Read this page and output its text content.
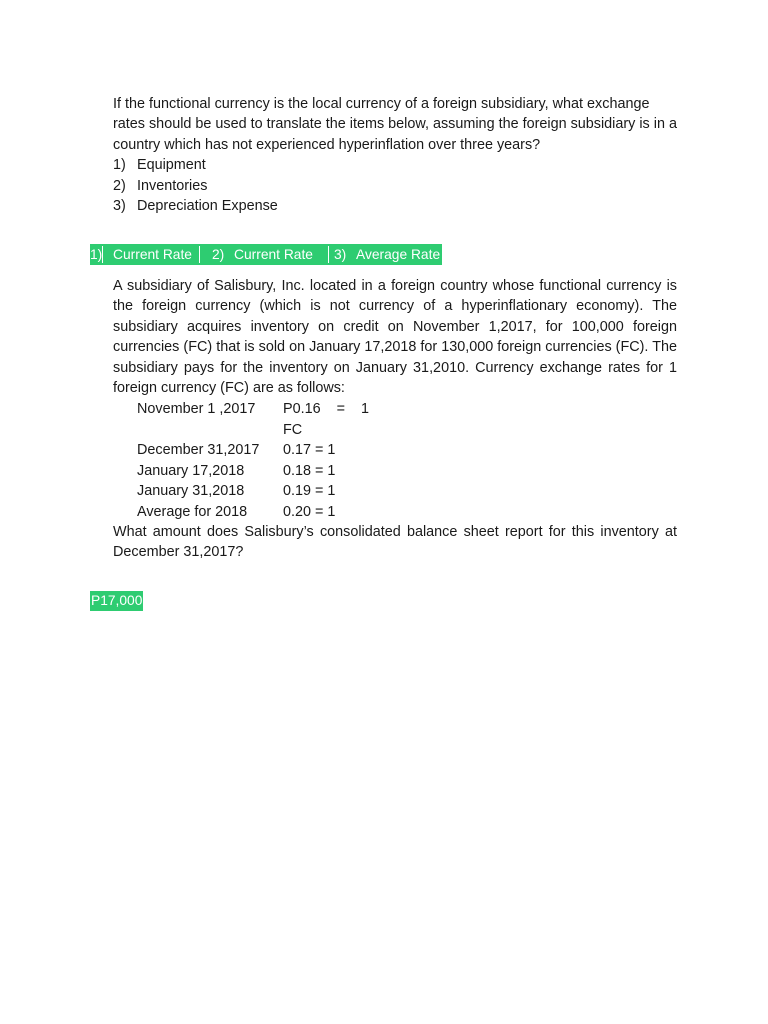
If the functional currency is the local currency of a foreign subsidiary, what exchange rates should be used to translate the items below, assuming the foreign subsidiary is in a country which has not experienced hyperinflation over three years?
1) Equipment
2) Inventories
3) Depreciation Expense
1) Current Rate	2) Current Rate	3) Average Rate
A subsidiary of Salisbury, Inc. located in a foreign country whose functional currency is the foreign currency (which is not currency of a hyperinflationary economy). The subsidiary acquires inventory on credit on November 1,2017, for 100,000 foreign currencies (FC) that is sold on January 17,2018 for 130,000 foreign currencies (FC). The subsidiary pays for the inventory on January 31,2010. Currency exchange rates for 1 foreign currency (FC) are as follows:
November 1 ,2017 P0.16    =    1
FC
December 31,2017 0.17 = 1
January 17,2018	0.18 = 1
January 31,2018	0.19 = 1
Average for 2018 0.20 = 1
What amount does Salisbury’s consolidated balance sheet report for this inventory at December 31,2017?
P17,000
